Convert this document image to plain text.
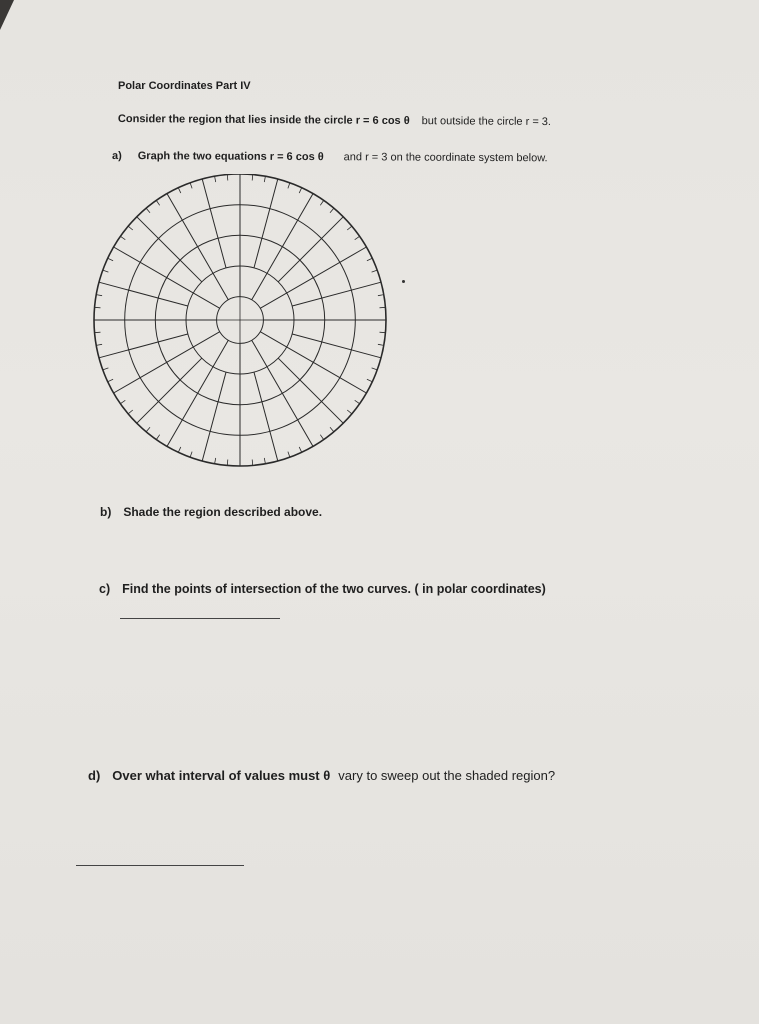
Polar Coordinates Part IV

Consider the region that lies inside the circle r = 6 cos θ but outside the circle r = 3.

a) Graph the two equations r = 6 cos θ and r = 3 on the coordinate system below.

b) Shade the region described above.

c) Find the points of intersection of the two curves. ( in polar coordinates)

d) Over what interval of values must θ vary to sweep out the shaded region?
